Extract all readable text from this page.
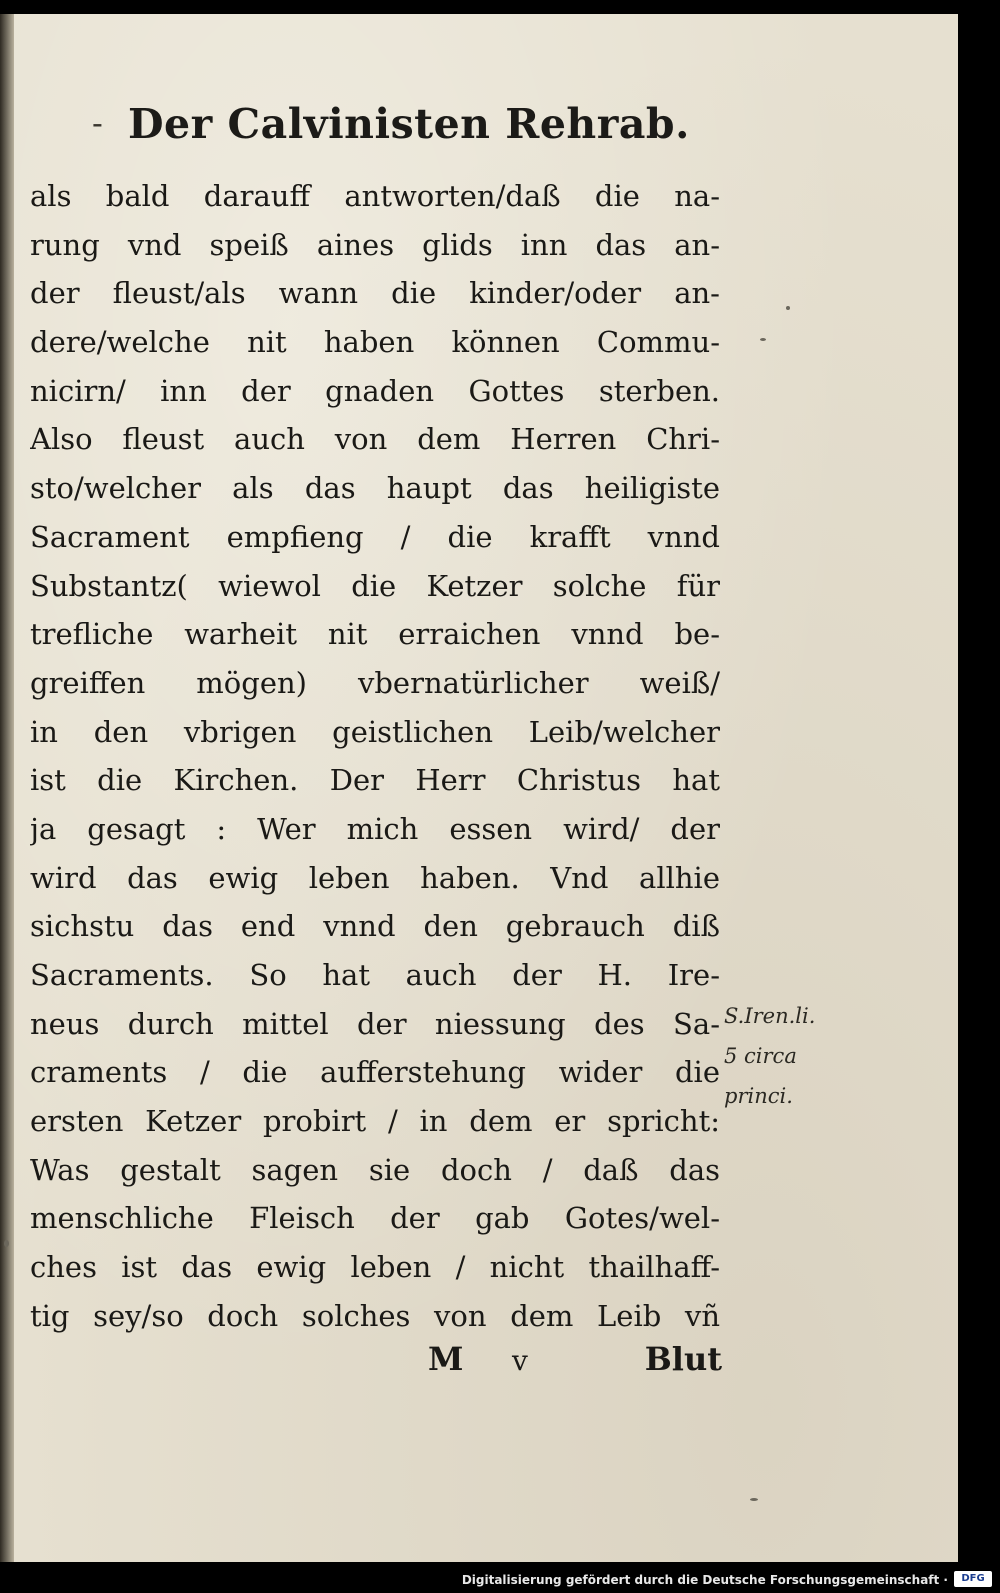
- Der Calvinisten Rehrab.
als bald darauff antworten/daß die na-
rung vnd speiß aines glids inn das an-
der fleust/als wann die kinder/oder an-
dere/welche nit haben können Commu-
nicirn/ inn der gnaden Gottes sterben.
Also fleust auch von dem Herren Chri-
sto/welcher als das haupt das heiligiste
Sacrament empfieng / die krafft vnnd
Substantz( wiewol die Ketzer solche für
trefliche warheit nit erraichen vnnd be-
greiffen mögen) vbernatürlicher weiß/
in den vbrigen geistlichen Leib/welcher
ist die Kirchen. Der Herr Christus hat
ja gesagt : Wer mich essen wird/ der
wird das ewig leben haben. Vnd allhie
sichstu das end vnnd den gebrauch diß
Sacraments. So hat auch der H. Ire-
neus durch mittel der niessung des Sa-
craments / die aufferstehung wider die
ersten Ketzer probirt / in dem er spricht:
Was gestalt sagen sie doch / daß das
menschliche Fleisch der gab Gotes/wel-
ches ist das ewig leben / nicht thailhaff-
tig sey/so doch solches von dem Leib vñ
S.Iren.li.
5 circa
princi.
M v	Blut
Digitalisierung gefördert durch die Deutsche Forschungsgemeinschaft ·	DFG
